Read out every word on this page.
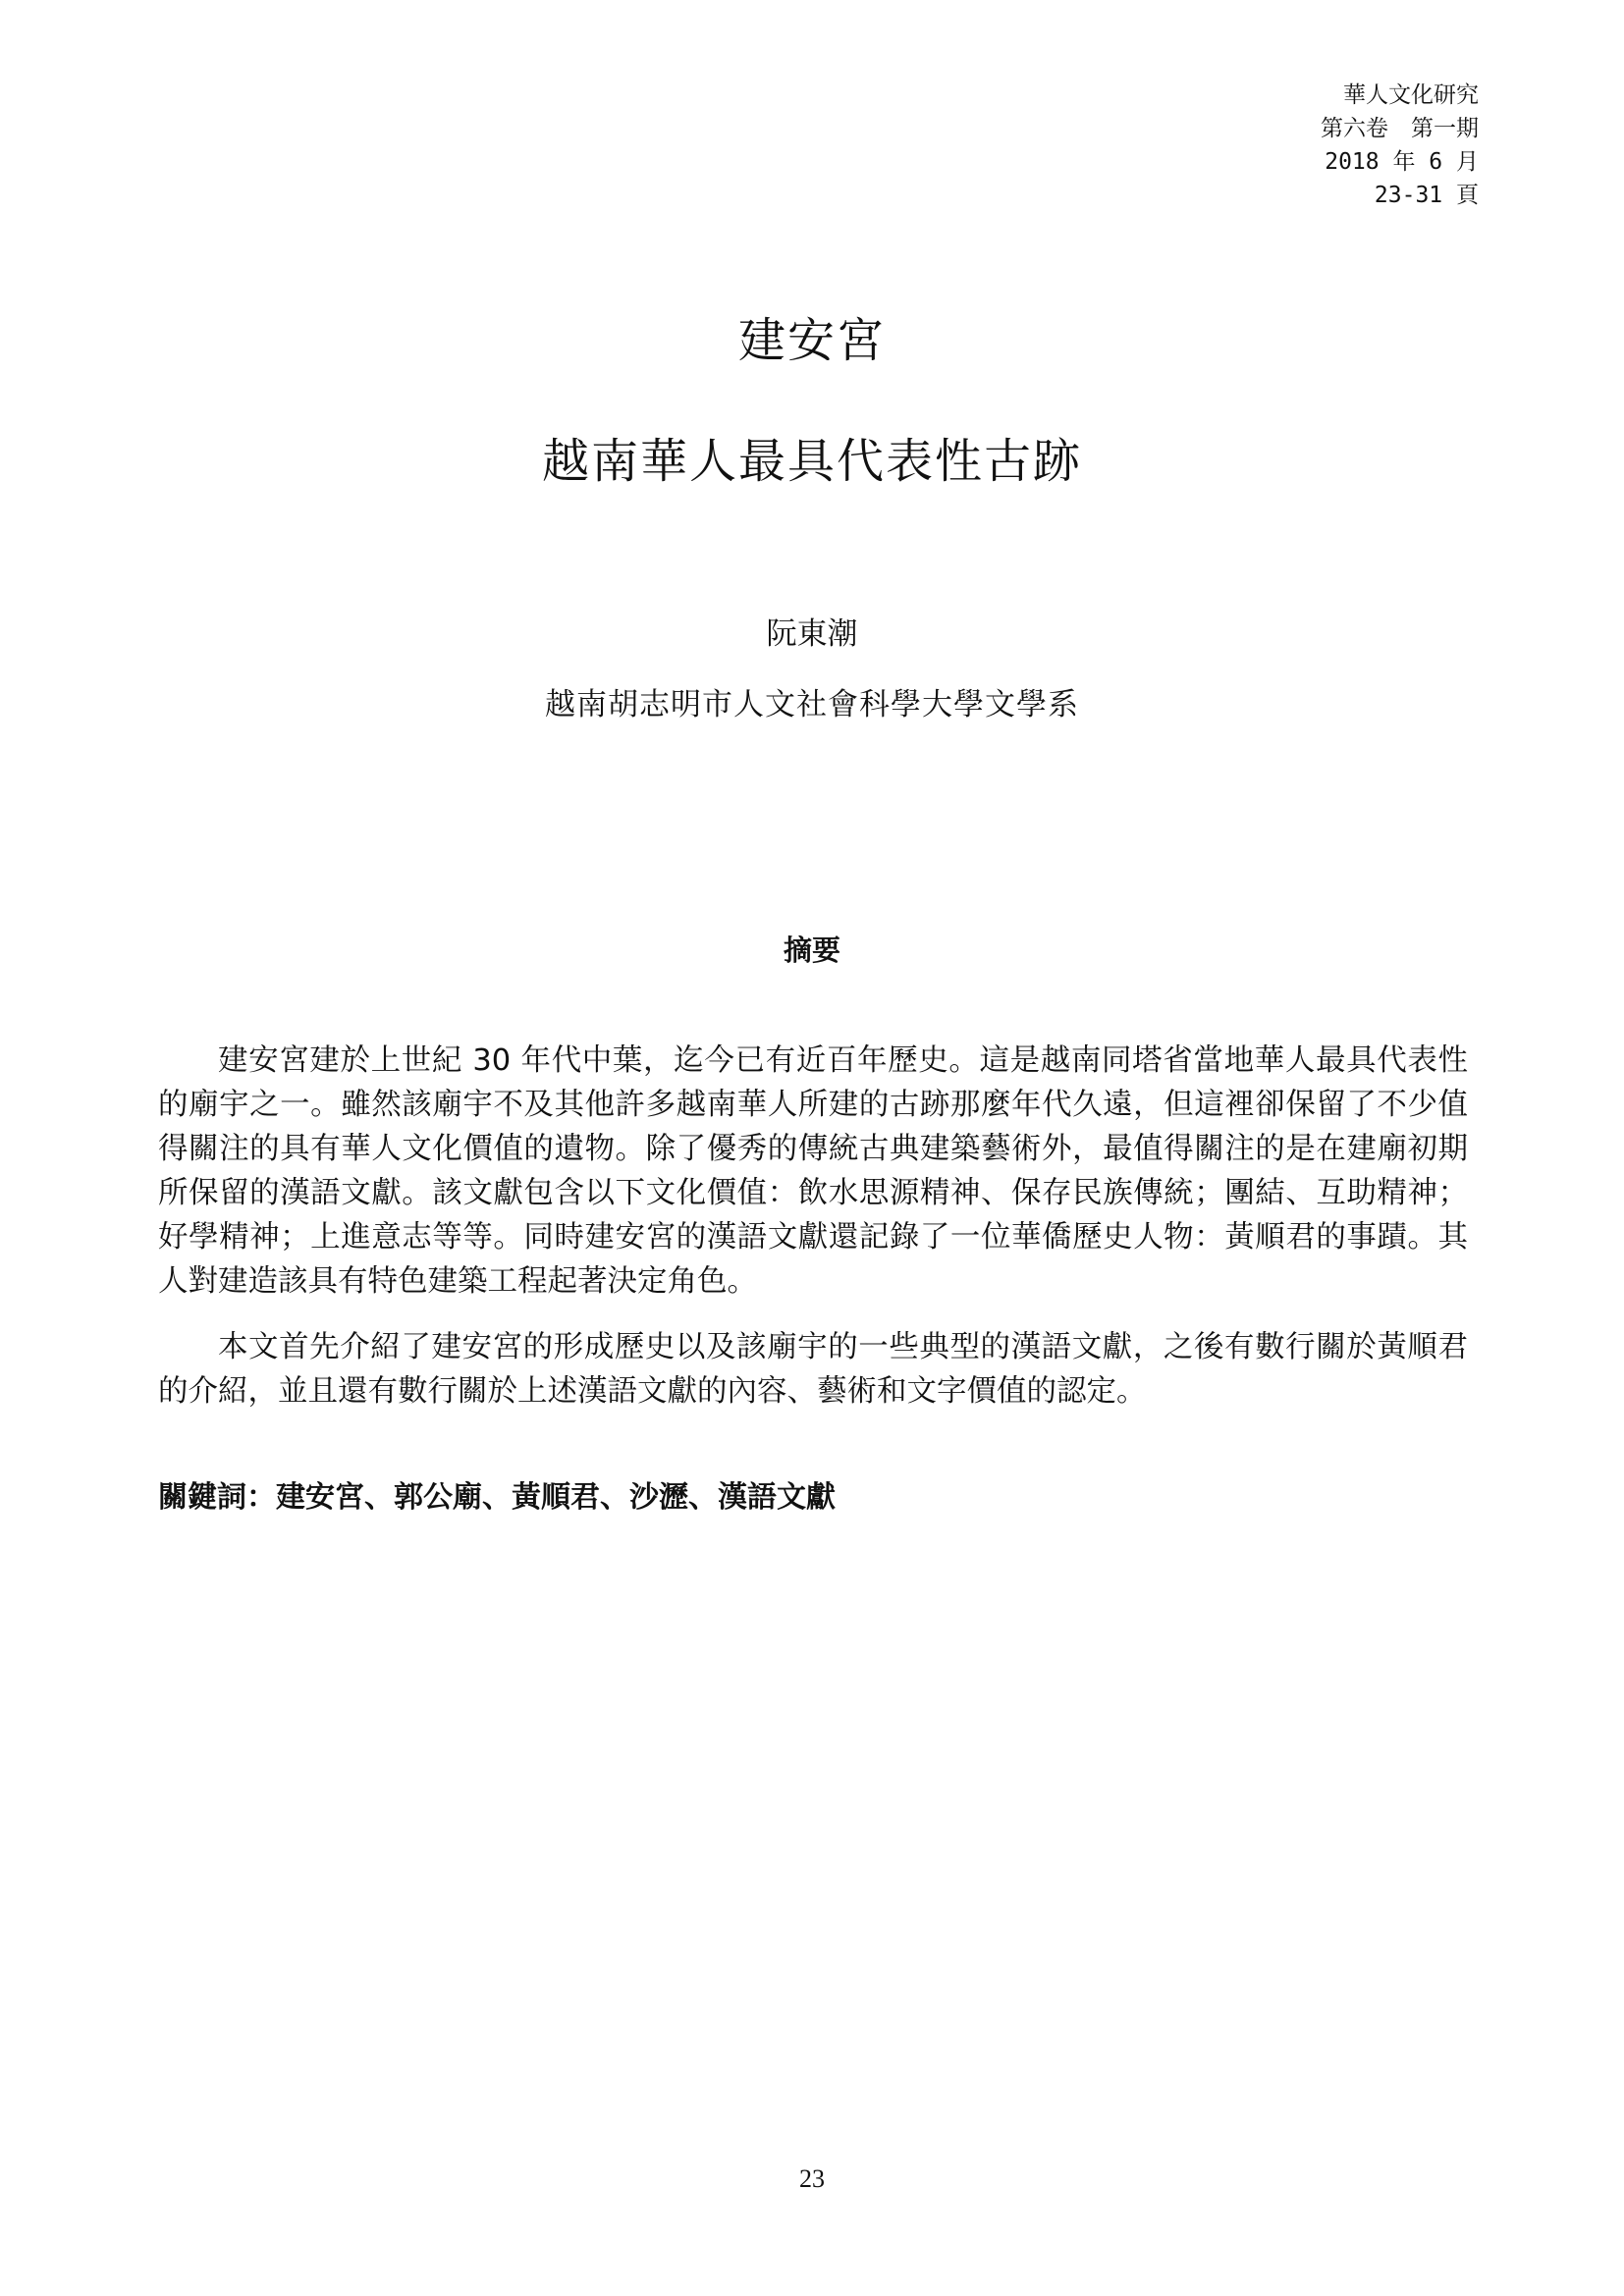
華人文化研究
第六卷　第一期
2018 年 6 月
23-31 頁
建安宮
越南華人最具代表性古跡
阮東潮
越南胡志明市人文社會科學大學文學系
摘要

建安宮建於上世紀 30 年代中葉，迄今已有近百年歷史。這是越南同塔省當地華人最具代表性的廟宇之一。雖然該廟宇不及其他許多越南華人所建的古跡那麼年代久遠，但這裡卻保留了不少值得關注的具有華人文化價值的遺物。除了優秀的傳統古典建築藝術外，最值得關注的是在建廟初期所保留的漢語文獻。該文獻包含以下文化價值：飲水思源精神、保存民族傳統；團結、互助精神；好學精神；上進意志等等。同時建安宮的漢語文獻還記錄了一位華僑歷史人物：黃順君的事蹟。其人對建造該具有特色建築工程起著決定角色。

本文首先介紹了建安宮的形成歷史以及該廟宇的一些典型的漢語文獻，之後有數行關於黃順君的介紹，並且還有數行關於上述漢語文獻的內容、藝術和文字價值的認定。

關鍵詞：建安宮、郭公廟、黃順君、沙瀝、漢語文獻
23
